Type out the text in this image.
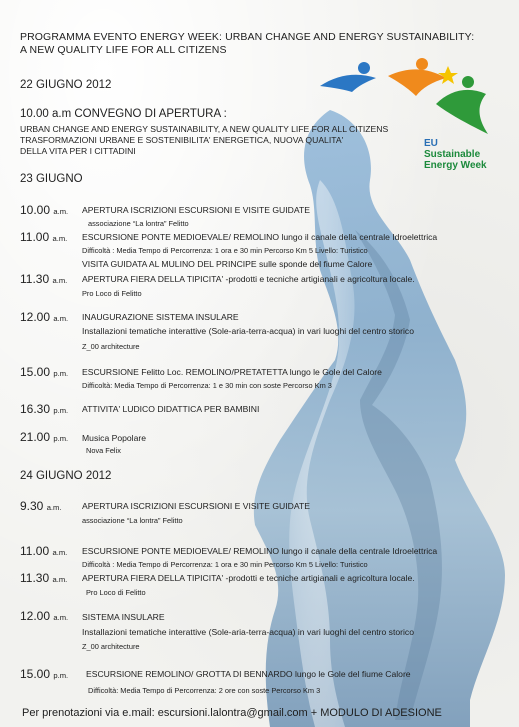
PROGRAMMA EVENTO ENERGY WEEK: URBAN CHANGE AND ENERGY SUSTAINABILITY:
A NEW QUALITY LIFE FOR ALL CITIZENS
EU
Sustainable
Energy Week
22 GIUGNO 2012
10.00 a.m CONVEGNO DI APERTURA :
URBAN CHANGE AND ENERGY SUSTAINABILITY, A NEW QUALITY LIFE FOR ALL CITIZENS
TRASFORMAZIONI URBANE E SOSTENIBILITA' ENERGETICA, NUOVA QUALITA'
DELLA VITA PER I CITTADINI
23 GIUGNO
10.00 a.m. APERTURA ISCRIZIONI ESCURSIONI E VISITE GUIDATE
associazione “La lontra” Felitto
11.00 a.m. ESCURSIONE PONTE MEDIOEVALE/ REMOLINO lungo il canale della centrale Idroelettrica
Difficoltà : Media Tempo di Percorrenza: 1 ora e 30 min Percorso Km 5 Livello: Turistico
VISITA GUIDATA AL MULINO DEL PRINCIPE sulle sponde del fiume Calore
11.30 a.m. APERTURA FIERA DELLA TIPICITA' -prodotti e tecniche artigianali e agricoltura locale.
Pro Loco di Felitto
12.00 a.m. INAUGURAZIONE SISTEMA INSULARE
Installazioni tematiche interattive (Sole-aria-terra-acqua) in vari luoghi del centro storico
Z_00 architecture
15.00 p.m. ESCURSIONE Felitto Loc. REMOLINO/PRETATETTA lungo le Gole del Calore
Difficoltà: Media Tempo di Percorrenza: 1 e 30 min con soste Percorso Km 3
16.30 p.m. ATTIVITA' LUDICO DIDATTICA PER BAMBINI
21.00 p.m. Musica Popolare
Nova Felix
24 GIUGNO 2012
9.30 a.m. APERTURA ISCRIZIONI ESCURSIONI E VISITE GUIDATE
associazione “La lontra” Felitto
11.00 a.m. ESCURSIONE PONTE MEDIOEVALE/ REMOLINO lungo il canale della centrale Idroelettrica
Difficoltà : Media Tempo di Percorrenza: 1 ora e 30 min Percorso Km 5 Livello: Turistico
11.30 a.m. APERTURA FIERA DELLA TIPICITA' -prodotti e tecniche artigianali e agricoltura locale.
Pro Loco di Felitto
12.00 a.m. SISTEMA INSULARE
Installazioni tematiche interattive (Sole-aria-terra-acqua) in vari luoghi del centro storico
Z_00 architecture
15.00 p.m. ESCURSIONE REMOLINO/ GROTTA DI BENNARDO lungo le Gole del fiume Calore
Difficoltà: Media Tempo di Percorrenza: 2 ore con soste Percorso Km 3
Per prenotazioni via e.mail: escursioni.lalontra@gmail.com + MODULO DI ADESIONE
